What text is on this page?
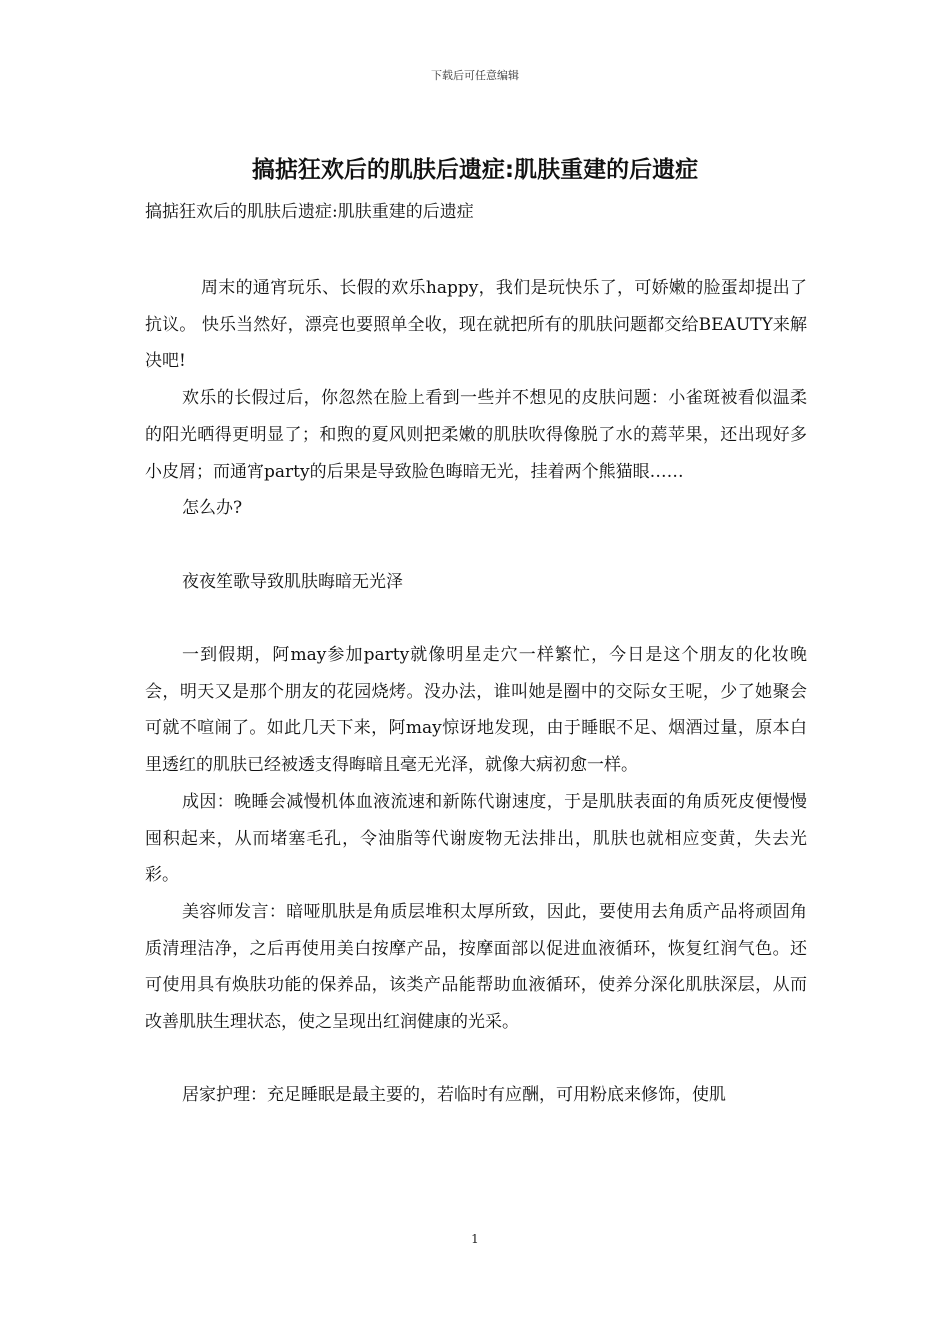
下载后可任意编辑
搞掂狂欢后的肌肤后遗症:肌肤重建的后遗症
搞掂狂欢后的肌肤后遗症:肌肤重建的后遗症

周末的通宵玩乐、长假的欢乐happy，我们是玩快乐了，可娇嫩的脸蛋却提出了抗议。 快乐当然好，漂亮也要照单全收，现在就把所有的肌肤问题都交给BEAUTY来解决吧!

欢乐的长假过后，你忽然在脸上看到一些并不想见的皮肤问题：小雀斑被看似温柔的阳光晒得更明显了；和煦的夏风则把柔嫩的肌肤吹得像脱了水的蔫苹果，还出现好多小皮屑；而通宵party的后果是导致脸色晦暗无光，挂着两个熊猫眼……

怎么办?

夜夜笙歌导致肌肤晦暗无光泽

一到假期，阿may参加party就像明星走穴一样繁忙，今日是这个朋友的化妆晚会，明天又是那个朋友的花园烧烤。没办法，谁叫她是圈中的交际女王呢，少了她聚会可就不喧闹了。如此几天下来，阿may惊讶地发现，由于睡眠不足、烟酒过量，原本白里透红的肌肤已经被透支得晦暗且毫无光泽，就像大病初愈一样。

成因：晚睡会减慢机体血液流速和新陈代谢速度，于是肌肤表面的角质死皮便慢慢囤积起来，从而堵塞毛孔，令油脂等代谢废物无法排出，肌肤也就相应变黄，失去光彩。

美容师发言：暗哑肌肤是角质层堆积太厚所致，因此，要使用去角质产品将顽固角质清理洁净，之后再使用美白按摩产品，按摩面部以促进血液循环，恢复红润气色。还可使用具有焕肤功能的保养品，该类产品能帮助血液循环，使养分深化肌肤深层，从而改善肌肤生理状态，使之呈现出红润健康的光采。

居家护理：充足睡眠是最主要的，若临时有应酬，可用粉底来修饰，使肌

1
